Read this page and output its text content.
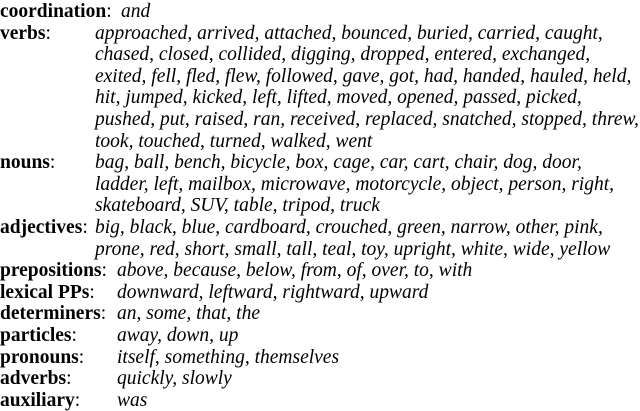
coordination: and
verbs: approached, arrived, attached, bounced, buried, carried, caught, chased, closed, collided, digging, dropped, entered, exchanged, exited, fell, fled, flew, followed, gave, got, had, handed, hauled, held, hit, jumped, kicked, left, lifted, moved, opened, passed, picked, pushed, put, raised, ran, received, replaced, snatched, stopped, threw, took, touched, turned, walked, went
nouns: bag, ball, bench, bicycle, box, cage, car, cart, chair, dog, door, ladder, left, mailbox, microwave, motorcycle, object, person, right, skateboard, SUV, table, tripod, truck
adjectives: big, black, blue, cardboard, crouched, green, narrow, other, pink, prone, red, short, small, tall, teal, toy, upright, white, wide, yellow
prepositions: above, because, below, from, of, over, to, with
lexical PPs: downward, leftward, rightward, upward
determiners: an, some, that, the
particles: away, down, up
pronouns: itself, something, themselves
adverbs: quickly, slowly
auxiliary: was
